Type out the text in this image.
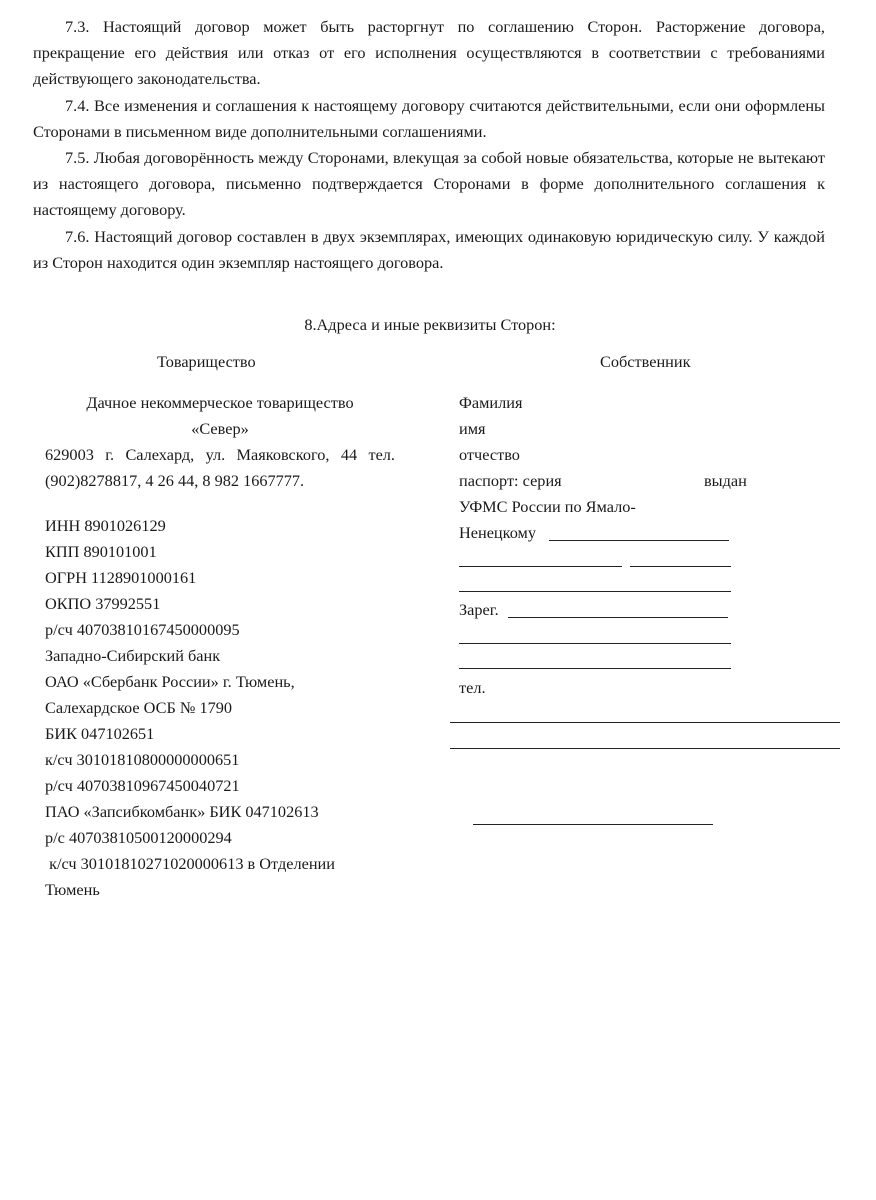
7.3. Настоящий договор может быть расторгнут по соглашению Сторон. Расторжение договора, прекращение его действия или отказ от его исполнения осуществляются в соответствии с требованиями действующего законодательства.

7.4. Все изменения и соглашения к настоящему договору считаются действительными, если они оформлены Сторонами в письменном виде дополнительными соглашениями.

7.5. Любая договорённость между Сторонами, влекущая за собой новые обязательства, которые не вытекают из настоящего договора, письменно подтверждается Сторонами в форме дополнительного соглашения к настоящему договору.

7.6. Настоящий договор составлен в двух экземплярах, имеющих одинаковую юридическую силу. У каждой из Сторон находится один экземпляр настоящего договора.

8.Адреса и иные реквизиты Сторон:

Товарищество
Дачное некоммерческое товарищество
«Север»
629003 г. Салехард, ул. Маяковского, 44 тел. (902)8278817, 4 26 44, 8 982 1667777.
ИНН 8901026129
КПП 890101001
ОГРН 1128901000161
ОКПО 37992551
р/сч 40703810167450000095
Западно-Сибирский банк
ОАО «Сбербанк России» г. Тюмень,
Салехардское ОСБ № 1790
БИК 047102651
к/сч 30101810800000000651
р/сч 40703810967450040721
ПАО «Запсибкомбанк» БИК 047102613
р/с 40703810500120000294
к/сч 30101810271020000613 в Отделении
Тюмень
Собственник
Фамилия
имя
отчество
паспорт: серия	выдан
УФМС России по Ямало-
Ненецкому
Зарег.
тел.
